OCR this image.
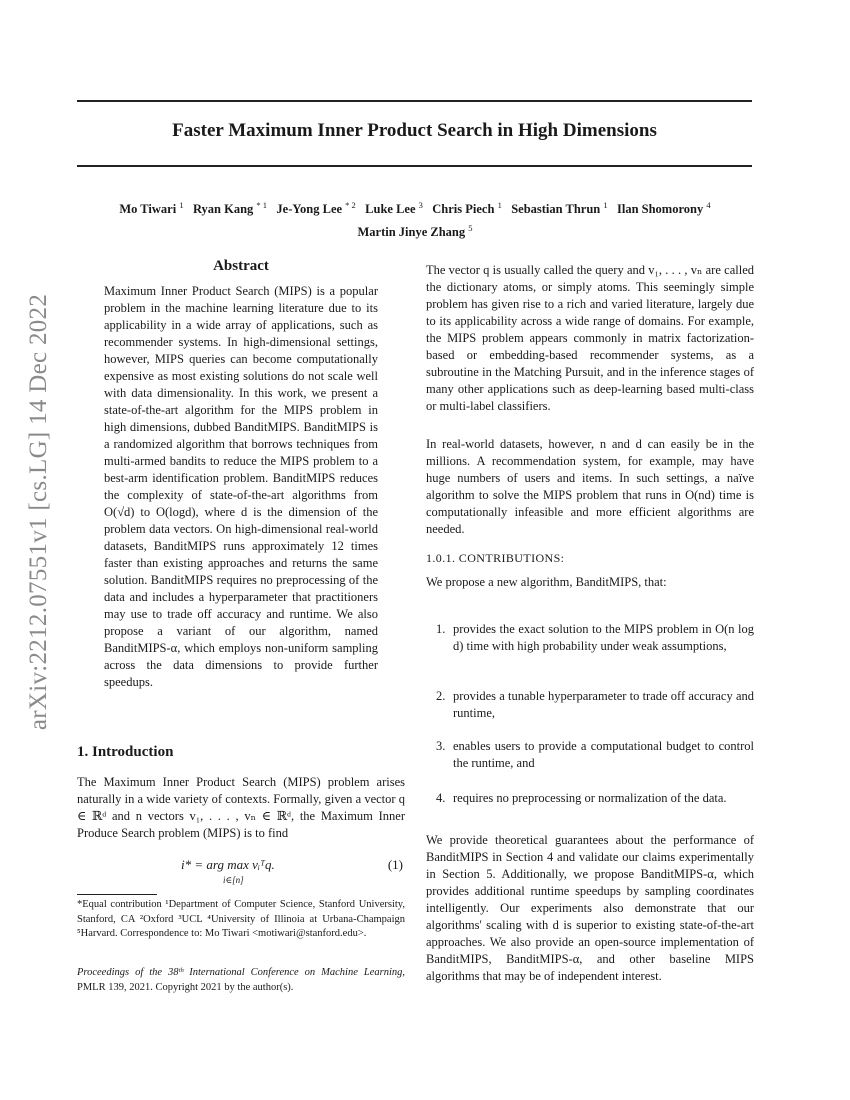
Faster Maximum Inner Product Search in High Dimensions
Mo Tiwari $^1$ Ryan Kang $^{* 1}$ Je-Yong Lee $^{* 2}$ Luke Lee $^3$ Chris Piech $^1$ Sebastian Thrun $^1$ Ilan Shomorony $^4$
Martin Jinye Zhang $^5$
arXiv:2212.07551v1 [cs.LG] 14 Dec 2022
Abstract
Maximum Inner Product Search (MIPS) is a popular problem in the machine learning literature due to its applicability in a wide array of applications, such as recommender systems. In high-dimensional settings, however, MIPS queries can become computationally expensive as most existing solutions do not scale well with data dimensionality. In this work, we present a state-of-the-art algorithm for the MIPS problem in high dimensions, dubbed BanditMIPS. BanditMIPS is a randomized algorithm that borrows techniques from multi-armed bandits to reduce the MIPS problem to a best-arm identification problem. BanditMIPS reduces the complexity of state-of-the-art algorithms from O(√d) to O(logd), where d is the dimension of the problem data vectors. On high-dimensional real-world datasets, BanditMIPS runs approximately 12 times faster than existing approaches and returns the same solution. BanditMIPS requires no preprocessing of the data and includes a hyperparameter that practitioners may use to trade off accuracy and runtime. We also propose a variant of our algorithm, named BanditMIPS-α, which employs non-uniform sampling across the data dimensions to provide further speedups.
1. Introduction
The Maximum Inner Product Search (MIPS) problem arises naturally in a wide variety of contexts. Formally, given a vector q ∈ ℝᵈ and n vectors v₁, . . . , vₙ ∈ ℝᵈ, the Maximum Inner Produce Search problem (MIPS) is to find
i* = arg max vᵢᵀq.
i∈[n]
(1)
*Equal contribution ¹Department of Computer Science, Stanford University, Stanford, CA ²Oxford ³UCL ⁴University of Illinoia at Urbana-Champaign ⁵Harvard. Correspondence to: Mo Tiwari <motiwari@stanford.edu>.
Proceedings of the 38ᵗʰ International Conference on Machine Learning, PMLR 139, 2021. Copyright 2021 by the author(s).
The vector q is usually called the query and v₁, . . . , vₙ are called the dictionary atoms, or simply atoms. This seemingly simple problem has given rise to a rich and varied literature, largely due to its applicability across a wide range of domains. For example, the MIPS problem appears commonly in matrix factorization-based or embedding-based recommender systems, as a subroutine in the Matching Pursuit, and in the inference stages of many other applications such as deep-learning based multi-class or multi-label classifiers.
In real-world datasets, however, n and d can easily be in the millions. A recommendation system, for example, may have huge numbers of users and items. In such settings, a naïve algorithm to solve the MIPS problem that runs in O(nd) time is computationally infeasible and more efficient algorithms are needed.
1.0.1. CONTRIBUTIONS:
We propose a new algorithm, BanditMIPS, that:
1. provides the exact solution to the MIPS problem in O(n log d) time with high probability under weak assumptions,
2. provides a tunable hyperparameter to trade off accuracy and runtime,
3. enables users to provide a computational budget to control the runtime, and
4. requires no preprocessing or normalization of the data.
We provide theoretical guarantees about the performance of BanditMIPS in Section 4 and validate our claims experimentally in Section 5. Additionally, we propose BanditMIPS-α, which provides additional runtime speedups by sampling coordinates intelligently. Our experiments also demonstrate that our algorithms' scaling with d is superior to existing state-of-the-art approaches. We also provide an open-source implementation of BanditMIPS, BanditMIPS-α, and other baseline MIPS algorithms that may be of independent interest.
